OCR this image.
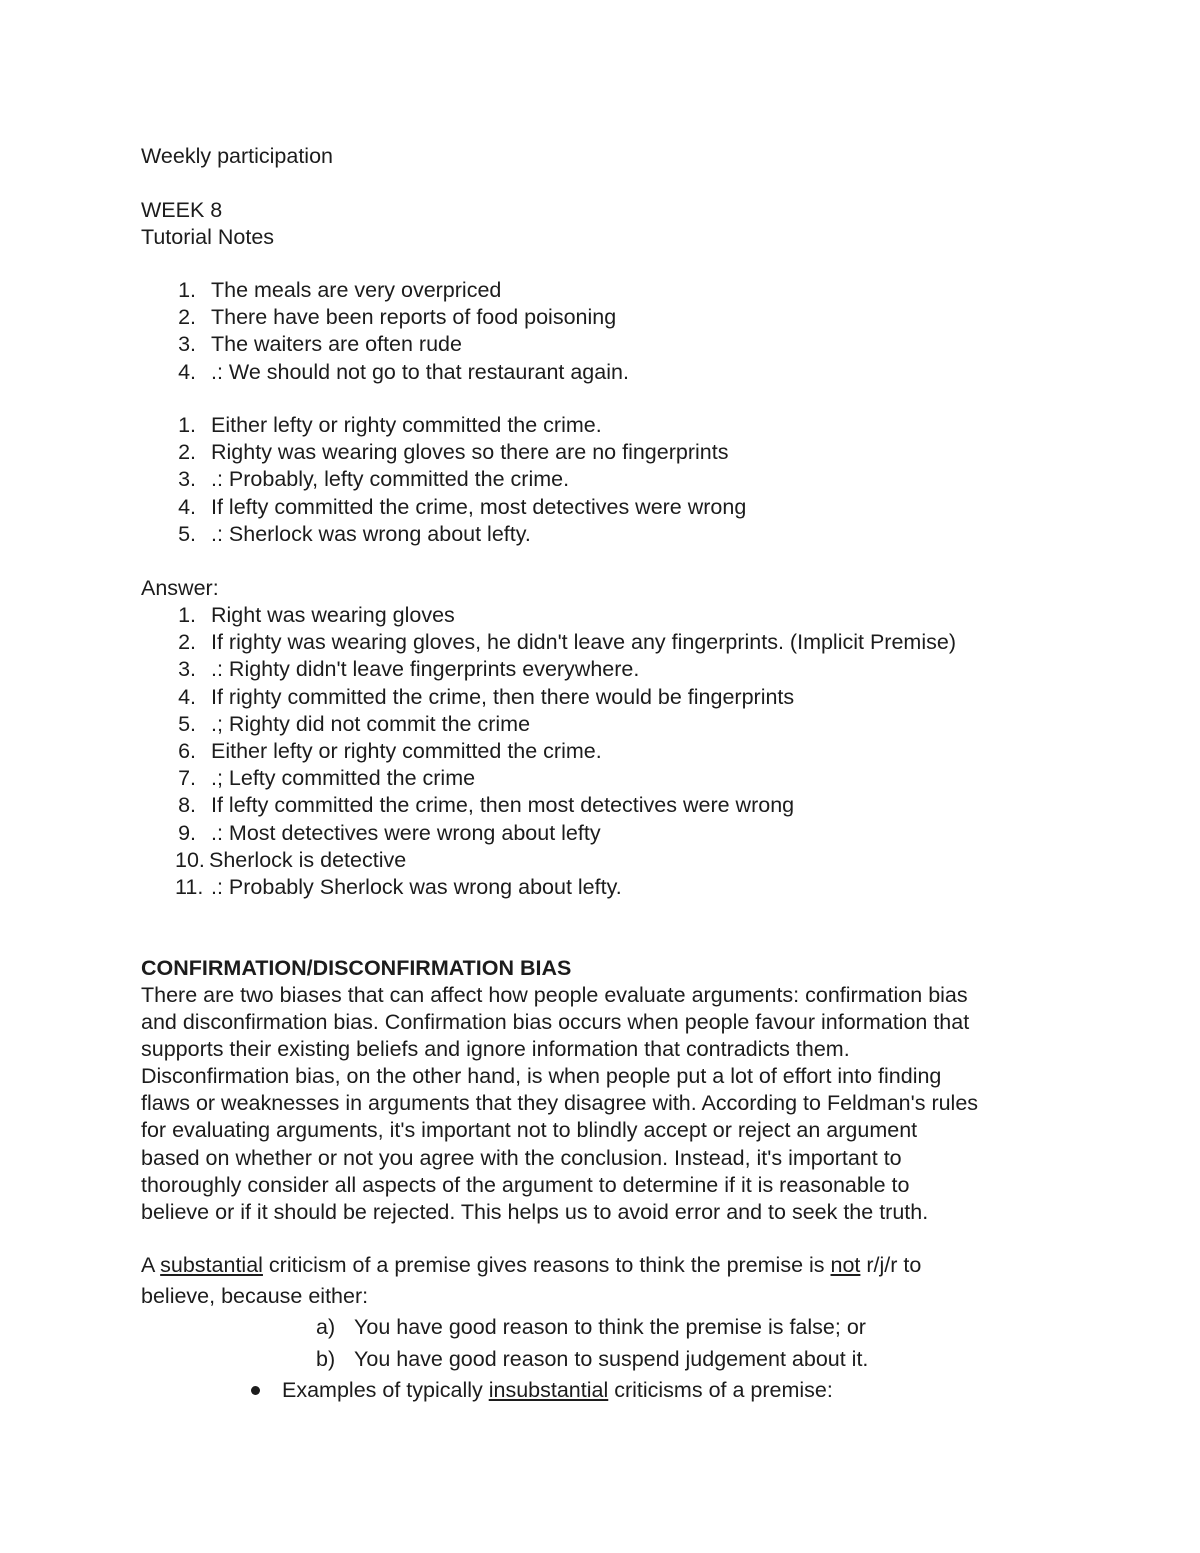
Weekly participation
WEEK 8
Tutorial Notes
1. The meals are very overpriced
2. There have been reports of food poisoning
3. The waiters are often rude
4. .: We should not go to that restaurant again.
1. Either lefty or righty committed the crime.
2. Righty was wearing gloves so there are no fingerprints
3. .: Probably, lefty committed the crime.
4. If lefty committed the crime, most detectives were wrong
5. .: Sherlock was wrong about lefty.
Answer:
1. Right was wearing gloves
2. If righty was wearing gloves, he didn't leave any fingerprints. (Implicit Premise)
3. .: Righty didn't leave fingerprints everywhere.
4. If righty committed the crime, then there would be fingerprints
5. .; Righty did not commit the crime
6. Either lefty or righty committed the crime.
7. .; Lefty committed the crime
8. If lefty committed the crime, then most detectives were wrong
9. .: Most detectives were wrong about lefty
10. Sherlock is detective
11. .: Probably Sherlock was wrong about lefty.
CONFIRMATION/DISCONFIRMATION BIAS
There are two biases that can affect how people evaluate arguments: confirmation bias
and disconfirmation bias. Confirmation bias occurs when people favour information that
supports their existing beliefs and ignore information that contradicts them.
Disconfirmation bias, on the other hand, is when people put a lot of effort into finding
flaws or weaknesses in arguments that they disagree with. According to Feldman's rules
for evaluating arguments, it's important not to blindly accept or reject an argument
based on whether or not you agree with the conclusion. Instead, it's important to
thoroughly consider all aspects of the argument to determine if it is reasonable to
believe or if it should be rejected. This helps us to avoid error and to seek the truth.
A substantial criticism of a premise gives reasons to think the premise is not r/j/r to
believe, because either:
a) You have good reason to think the premise is false; or
b) You have good reason to suspend judgement about it.
Examples of typically insubstantial criticisms of a premise:
